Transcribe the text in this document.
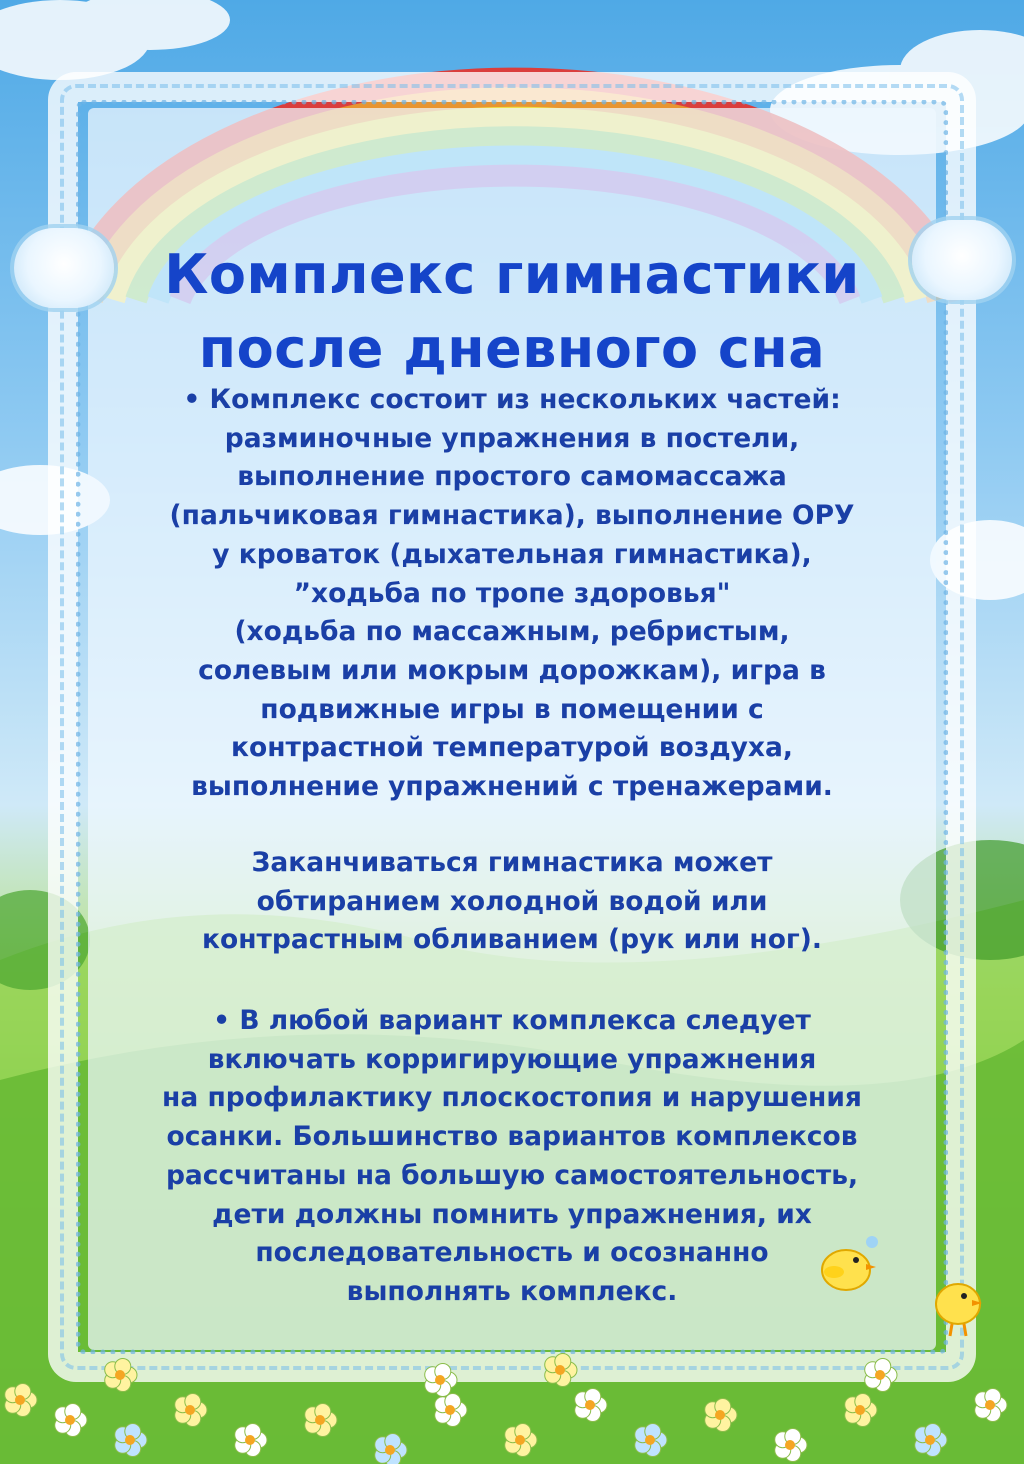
Комплекс гимнастики
после дневного сна
• Комплекс состоит из нескольких частей:
разминочные упражнения в постели,
выполнение простого самомассажа
(пальчиковая гимнастика), выполнение ОРУ
у кроваток (дыхательная гимнастика),
”ходьба по тропе здоровья"
(ходьба по массажным, ребристым,
солевым или мокрым дорожкам), игра в
подвижные игры в помещении с
контрастной температурой воздуха,
выполнение упражнений с тренажерами.
Заканчиваться гимнастика может
обтиранием холодной водой или
контрастным обливанием (рук или ног).
• В любой вариант комплекса следует
включать корригирующие упражнения
на профилактику плоскостопия и нарушения
осанки. Большинство вариантов комплексов
рассчитаны на большую самостоятельность,
дети должны помнить упражнения, их
последовательность и осознанно
выполнять комплекс.
